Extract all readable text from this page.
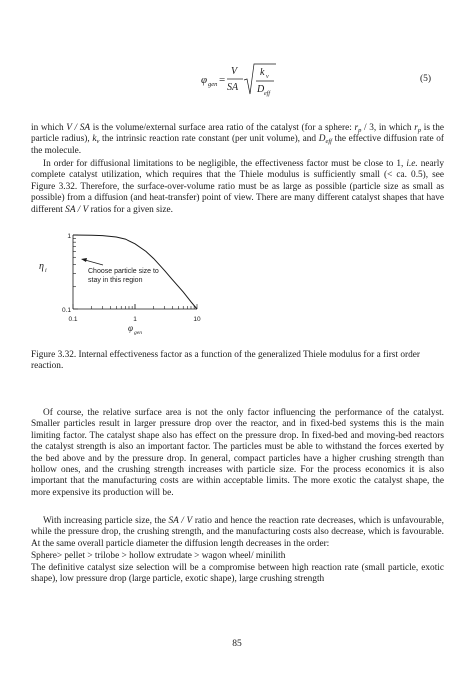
φ gen =
V
SA
k v
D eff
(5)

in which V / SA is the volume/external surface area ratio of the catalyst (for a sphere: $r_p / 3$, in which $r_p$ is the particle radius), $k_v$ the intrinsic reaction rate constant (per unit volume), and $D_{eff}$ the effective diffusion rate of the molecule.

In order for diffusional limitations to be negligible, the effectiveness factor must be close to 1, i.e. nearly complete catalyst utilization, which requires that the Thiele modulus is sufficiently small (< ca. 0.5), see Figure 3.32. Therefore, the surface-over-volume ratio must be as large as possible (particle size as small as possible) from a diffusion (and heat-transfer) point of view. There are many different catalyst shapes that have different SA / V ratios for a given size.

η i
1
0.1
0.1	1	10
φ gen
Choose particle size to
stay in this region

Figure 3.32. Internal effectiveness factor as a function of the generalized Thiele modulus for a first order reaction.

Of course, the relative surface area is not the only factor influencing the performance of the catalyst. Smaller particles result in larger pressure drop over the reactor, and in fixed-bed systems this is the main limiting factor. The catalyst shape also has effect on the pressure drop. In fixed-bed and moving-bed reactors the catalyst strength is also an important factor. The particles must be able to withstand the forces exerted by the bed above and by the pressure drop. In general, compact particles have a higher crushing strength than hollow ones, and the crushing strength increases with particle size. For the process economics it is also important that the manufacturing costs are within acceptable limits. The more exotic the catalyst shape, the more expensive its production will be.

With increasing particle size, the SA / V ratio and hence the reaction rate decreases, which is unfavourable, while the pressure drop, the crushing strength, and the manufacturing costs also decrease, which is favourable. At the same overall particle diameter the diffusion length decreases in the order:

Sphere> pellet > trilobe > hollow extrudate > wagon wheel/ minilith

The definitive catalyst size selection will be a compromise between high reaction rate (small particle, exotic shape), low pressure drop (large particle, exotic shape), large crushing strength

85
